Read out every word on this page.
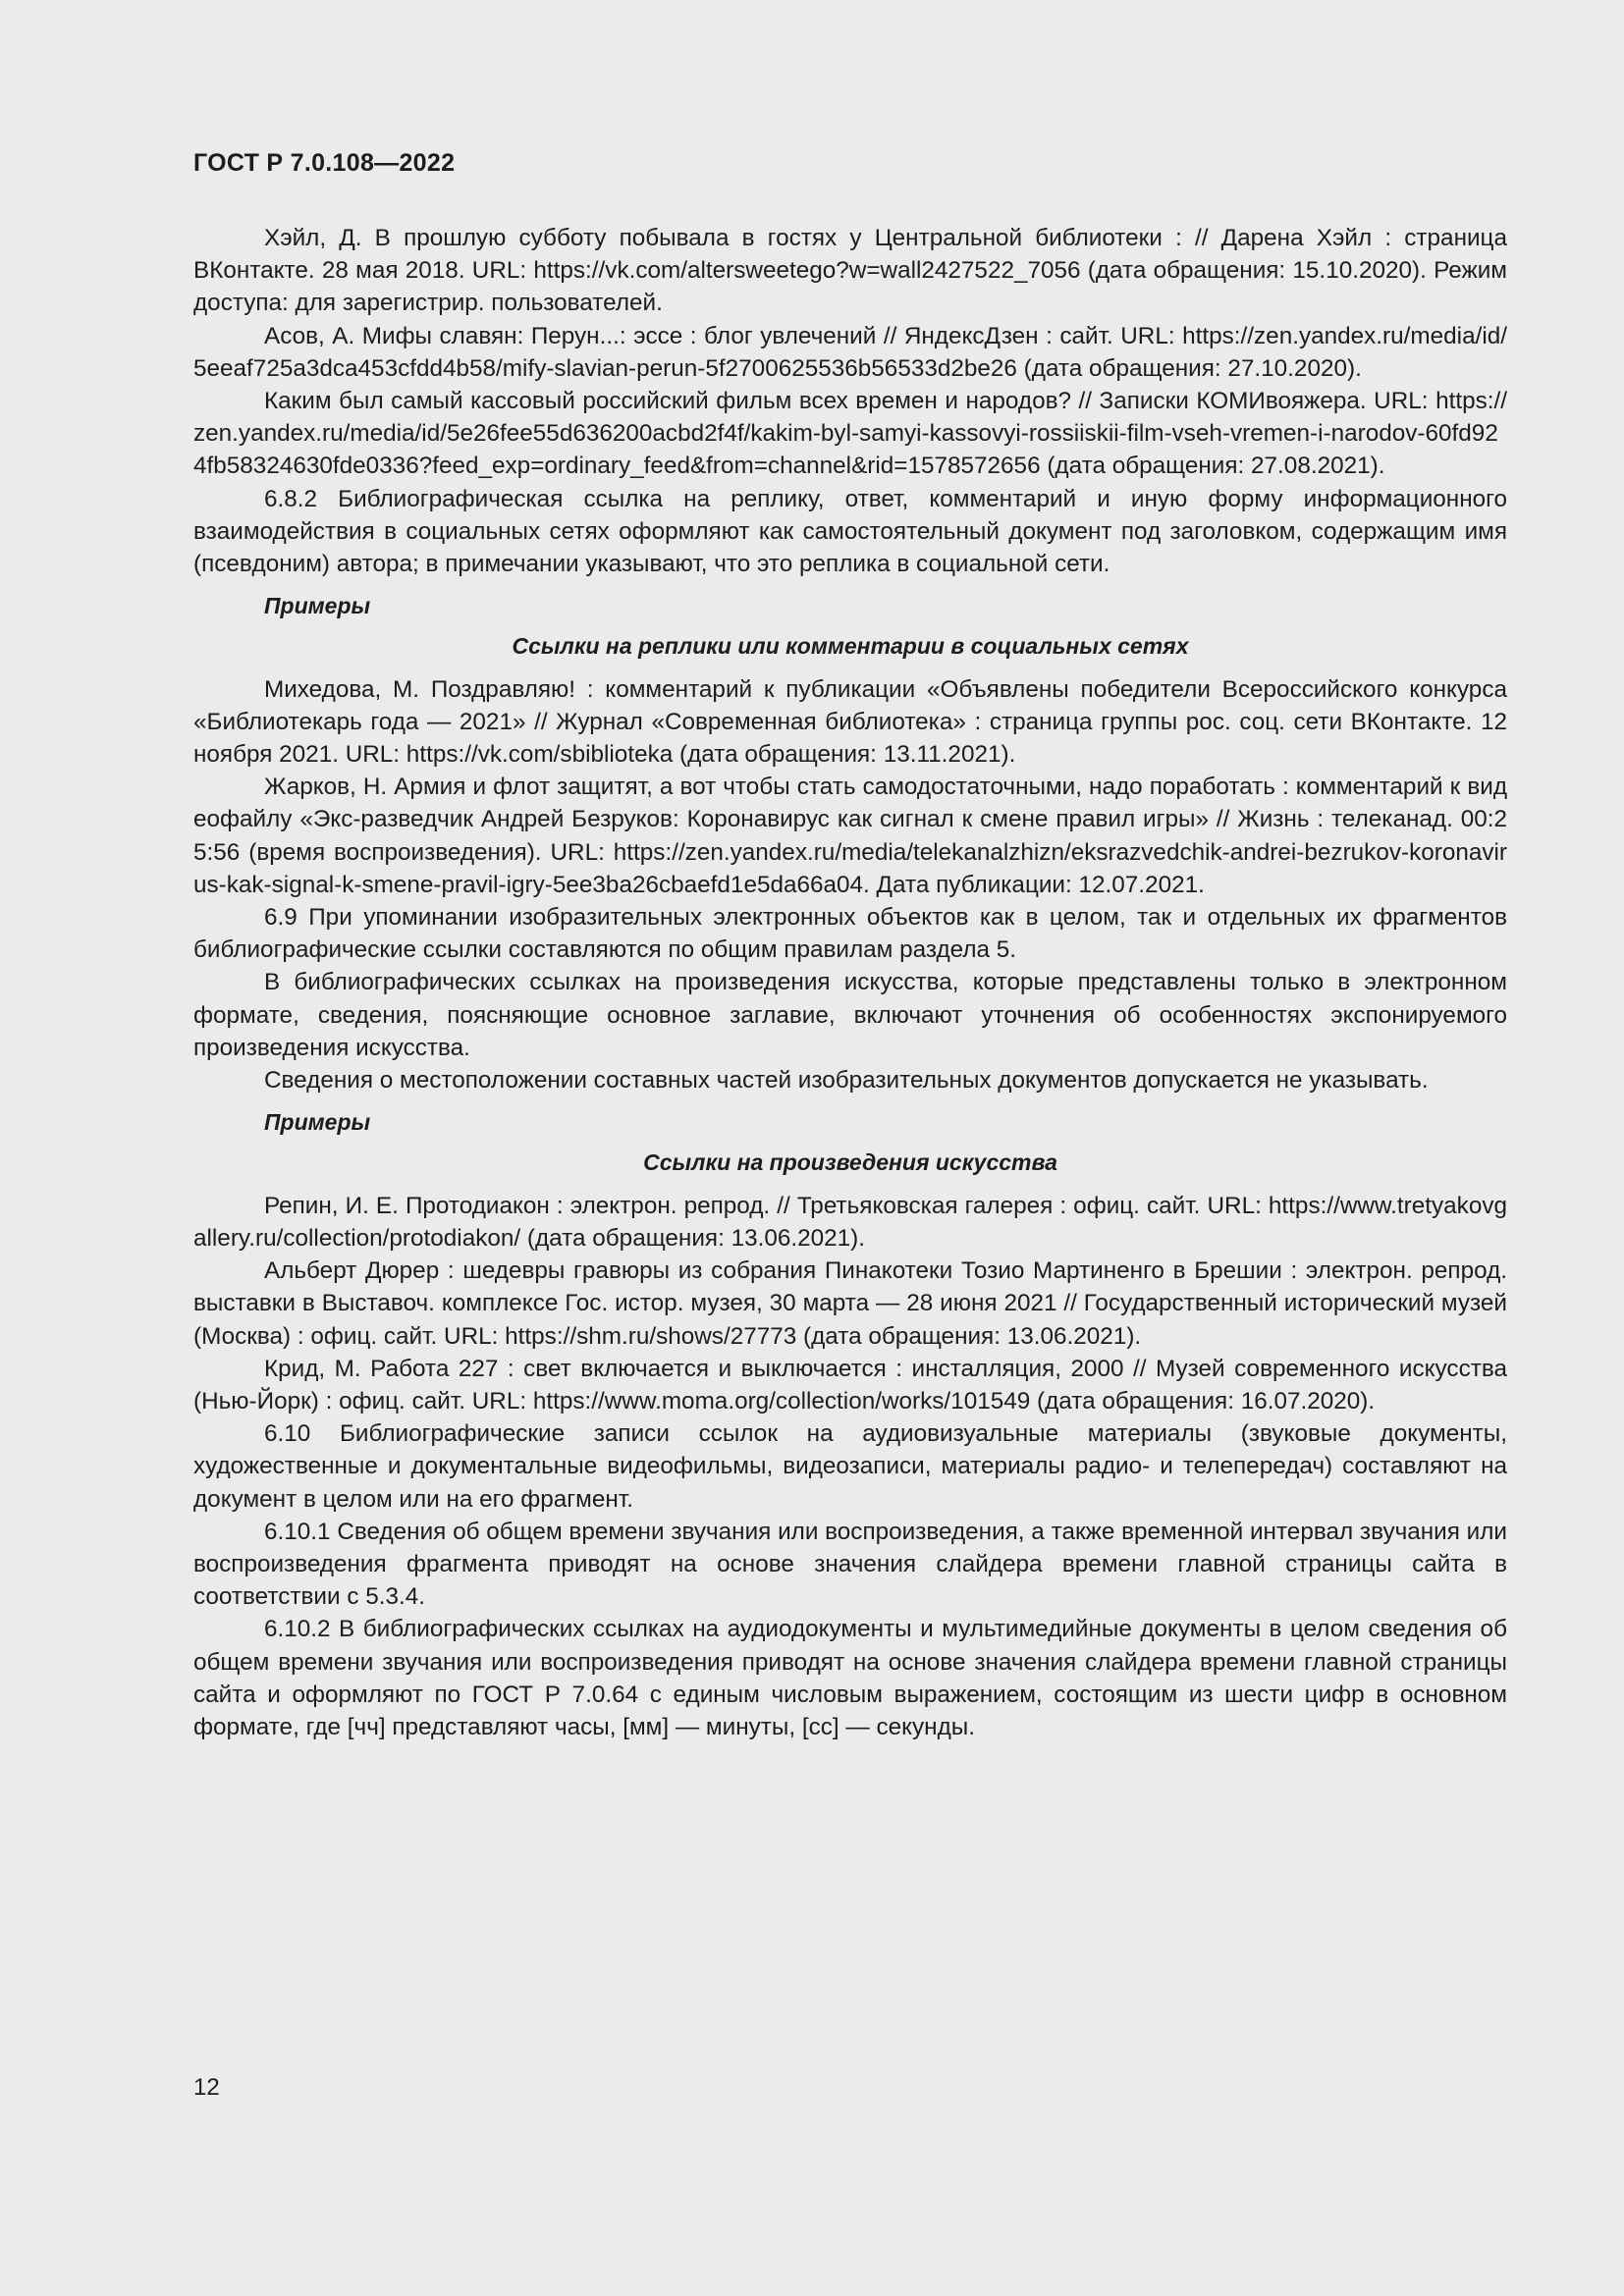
ГОСТ Р 7.0.108—2022

Хэйл, Д. В прошлую субботу побывала в гостях у Центральной библиотеки : // Дарена Хэйл : страница ВКонтакте. 28 мая 2018. URL: https://vk.com/altersweetego?w=wall2427522_7056 (дата обращения: 15.10.2020). Режим доступа: для зарегистрир. пользователей.

Асов, А. Мифы славян: Перун...: эссе : блог увлечений // ЯндексДзен : сайт. URL: https://zen.yandex.ru/media/id/5eeaf725a3dca453cfdd4b58/mify-slavian-perun-5f2700625536b56533d2be26 (дата обращения: 27.10.2020).

Каким был самый кассовый российский фильм всех времен и народов? // Записки КОМИвояжера. URL: https://zen.yandex.ru/media/id/5e26fee55d636200acbd2f4f/kakim-byl-samyi-kassovyi-rossiiskii-film-vseh-vremen-i-narodov-60fd924fb58324630fde0336?feed_exp=ordinary_feed&from=channel&rid=1578572656 (дата обращения: 27.08.2021).

6.8.2 Библиографическая ссылка на реплику, ответ, комментарий и иную форму информационного взаимодействия в социальных сетях оформляют как самостоятельный документ под заголовком, содержащим имя (псевдоним) автора; в примечании указывают, что это реплика в социальной сети.

Примеры
Ссылки на реплики или комментарии в социальных сетях

Михедова, М. Поздравляю! : комментарий к публикации «Объявлены победители Всероссийского конкурса «Библиотекарь года — 2021» // Журнал «Современная библиотека» : страница группы рос. соц. сети ВКонтакте. 12 ноября 2021. URL: https://vk.com/sbiblioteka (дата обращения: 13.11.2021).

Жарков, Н. Армия и флот защитят, а вот чтобы стать самодостаточными, надо поработать : комментарий к видеофайлу «Экс-разведчик Андрей Безруков: Коронавирус как сигнал к смене правил игры» // Жизнь : телеканад. 00:25:56 (время воспроизведения). URL: https://zen.yandex.ru/media/telekanalzhizn/eksrazvedchik-andrei-bezrukov-koronavirus-kak-signal-k-smene-pravil-igry-5ee3ba26cbaefd1e5da66a04. Дата публикации: 12.07.2021.

6.9 При упоминании изобразительных электронных объектов как в целом, так и отдельных их фрагментов библиографические ссылки составляются по общим правилам раздела 5.

В библиографических ссылках на произведения искусства, которые представлены только в электронном формате, сведения, поясняющие основное заглавие, включают уточнения об особенностях экспонируемого произведения искусства.

Сведения о местоположении составных частей изобразительных документов допускается не указывать.

Примеры
Ссылки на произведения искусства

Репин, И. Е. Протодиакон : электрон. репрод. // Третьяковская галерея : офиц. сайт. URL: https://www.tretyakovgallery.ru/collection/protodiakon/ (дата обращения: 13.06.2021).

Альберт Дюрер : шедевры гравюры из собрания Пинакотеки Тозио Мартиненго в Брешии : электрон. репрод. выставки в Выставоч. комплексе Гос. истор. музея, 30 марта — 28 июня 2021 // Государственный исторический музей (Москва) : офиц. сайт. URL: https://shm.ru/shows/27773 (дата обращения: 13.06.2021).

Крид, М. Работа 227 : свет включается и выключается : инсталляция, 2000 // Музей современного искусства (Нью-Йорк) : офиц. сайт. URL: https://www.moma.org/collection/works/101549 (дата обращения: 16.07.2020).

6.10 Библиографические записи ссылок на аудиовизуальные материалы (звуковые документы, художественные и документальные видеофильмы, видеозаписи, материалы радио- и телепередач) составляют на документ в целом или на его фрагмент.

6.10.1 Сведения об общем времени звучания или воспроизведения, а также временной интервал звучания или воспроизведения фрагмента приводят на основе значения слайдера времени главной страницы сайта в соответствии с 5.3.4.

6.10.2 В библиографических ссылках на аудиодокументы и мультимедийные документы в целом сведения об общем времени звучания или воспроизведения приводят на основе значения слайдера времени главной страницы сайта и оформляют по ГОСТ Р 7.0.64 с единым числовым выражением, состоящим из шести цифр в основном формате, где [чч] представляют часы, [мм] — минуты, [сс] — секунды.

12
